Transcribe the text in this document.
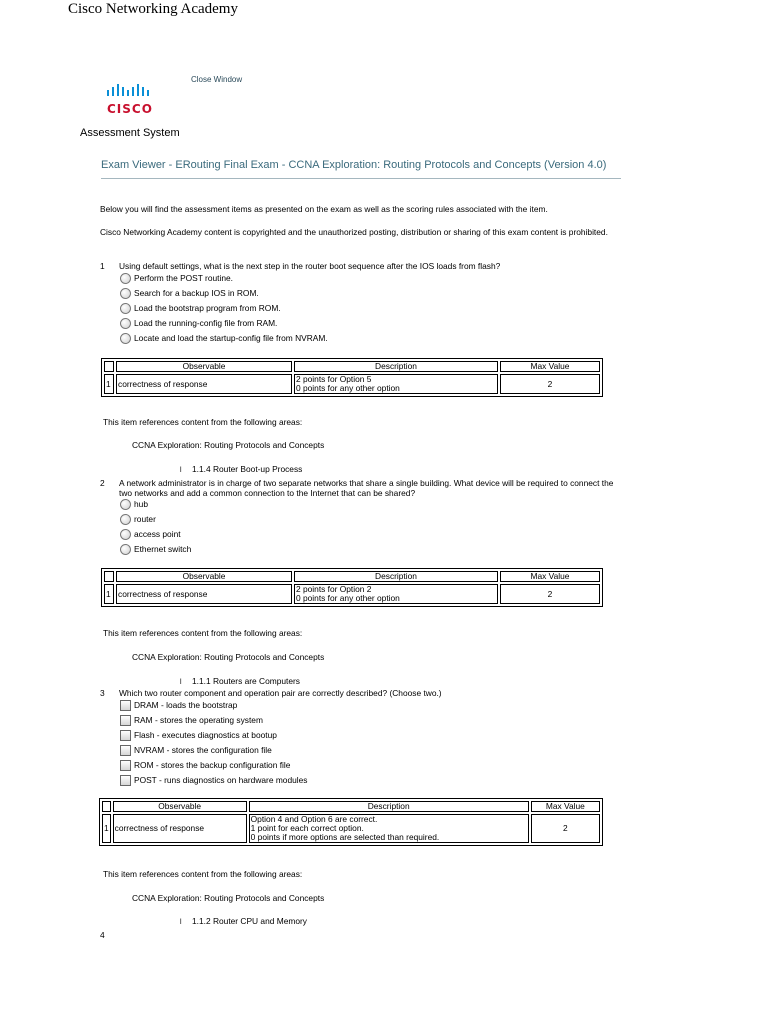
Cisco Networking Academy
CISCO
Close Window
Assessment System
Exam Viewer - ERouting Final Exam - CCNA Exploration: Routing Protocols and Concepts (Version 4.0)
Below you will find the assessment items as presented on the exam as well as the scoring rules associated with the item.
Cisco Networking Academy content is copyrighted and the unauthorized posting, distribution or sharing of this exam content is prohibited.
1 Using default settings, what is the next step in the router boot sequence after the IOS loads from flash?
Perform the POST routine.
Search for a backup IOS in ROM.
Load the bootstrap program from ROM.
Load the running-config file from RAM.
Locate and load the startup-config file from NVRAM.
	Observable	Description	Max Value
1	correctness of response	2 points for Option 5
0 points for any other option	2
This item references content from the following areas:
CCNA Exploration: Routing Protocols and Concepts
l 1.1.4 Router Boot-up Process
2 A network administrator is in charge of two separate networks that share a single building. What device will be required to connect the
two networks and add a common connection to the Internet that can be shared?
hub
router
access point
Ethernet switch
	Observable	Description	Max Value
1	correctness of response	2 points for Option 2
0 points for any other option	2
This item references content from the following areas:
CCNA Exploration: Routing Protocols and Concepts
l 1.1.1 Routers are Computers
3 Which two router component and operation pair are correctly described? (Choose two.)
DRAM - loads the bootstrap
RAM - stores the operating system
Flash - executes diagnostics at bootup
NVRAM - stores the configuration file
ROM - stores the backup configuration file
POST - runs diagnostics on hardware modules
	Observable	Description	Max Value
1	correctness of response	Option 4 and Option 6 are correct.
1 point for each correct option.
0 points if more options are selected than required.	2
This item references content from the following areas:
CCNA Exploration: Routing Protocols and Concepts
l 1.1.2 Router CPU and Memory
4
